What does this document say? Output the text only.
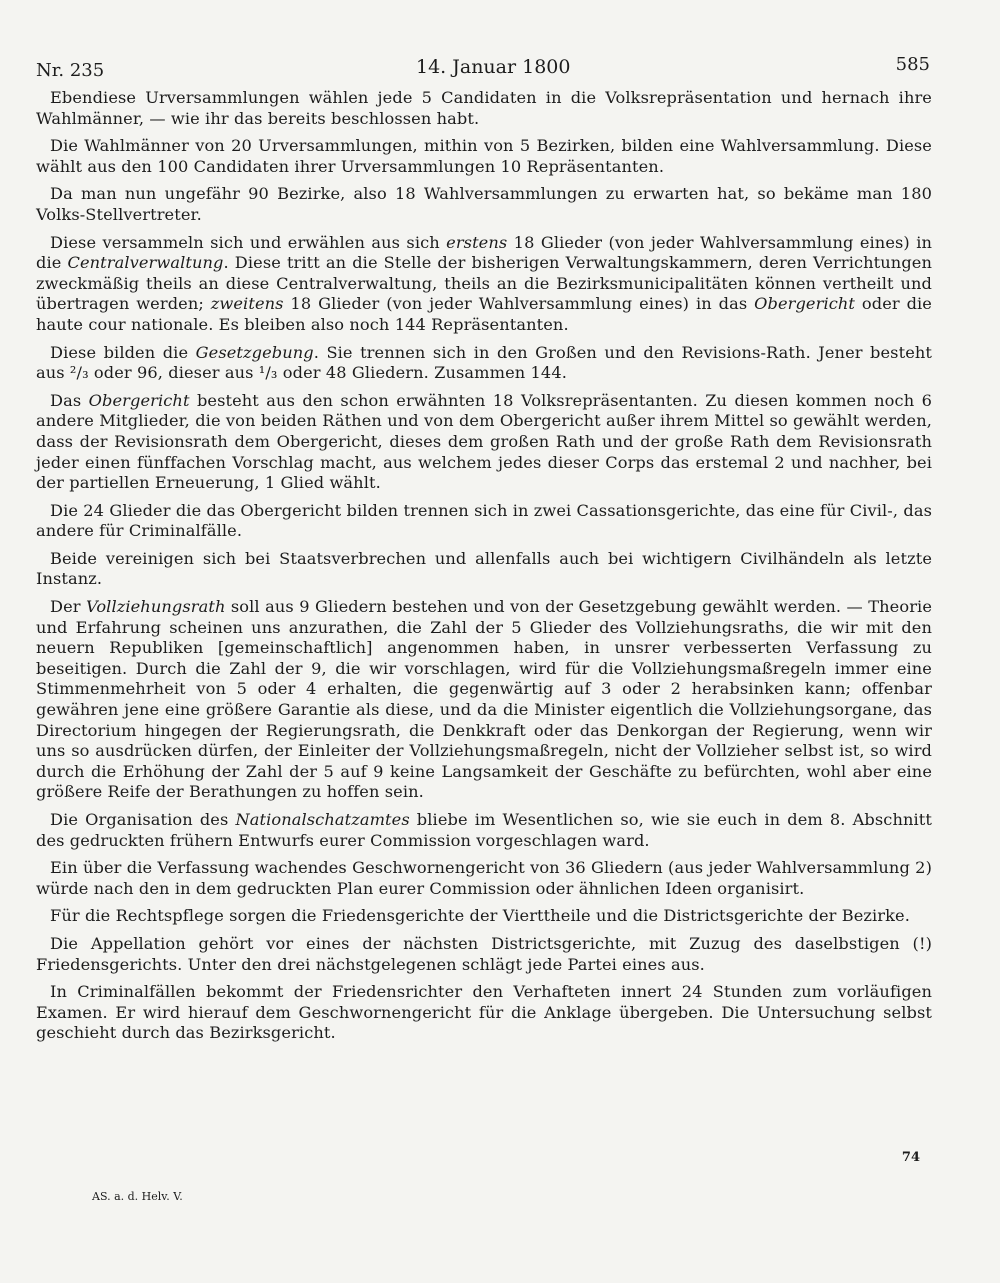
Nr. 235	14. Januar 1800	585

Ebendiese Urversammlungen wählen jede 5 Candidaten in die Volksrepräsentation und hernach ihre Wahlmänner, — wie ihr das bereits beschlossen habt.

Die Wahlmänner von 20 Urversammlungen, mithin von 5 Bezirken, bilden eine Wahlversammlung. Diese wählt aus den 100 Candidaten ihrer Urversammlungen 10 Repräsentanten.

Da man nun ungefähr 90 Bezirke, also 18 Wahlversammlungen zu erwarten hat, so bekäme man 180 Volks-Stellvertreter.

Diese versammeln sich und erwählen aus sich erstens 18 Glieder (von jeder Wahlversammlung eines) in die Centralverwaltung. Diese tritt an die Stelle der bisherigen Verwaltungskammern, deren Verrichtungen zweckmäßig theils an diese Centralverwaltung, theils an die Bezirksmunicipalitäten können vertheilt und übertragen werden; zweitens 18 Glieder (von jeder Wahlversammlung eines) in das Obergericht oder die haute cour nationale. Es bleiben also noch 144 Repräsentanten.

Diese bilden die Gesetzgebung. Sie trennen sich in den Großen und den Revisions-Rath. Jener besteht aus ²/₃ oder 96, dieser aus ¹/₃ oder 48 Gliedern. Zusammen 144.

Das Obergericht besteht aus den schon erwähnten 18 Volksrepräsentanten. Zu diesen kommen noch 6 andere Mitglieder, die von beiden Räthen und von dem Obergericht außer ihrem Mittel so gewählt werden, dass der Revisionsrath dem Obergericht, dieses dem großen Rath und der große Rath dem Revisionsrath jeder einen fünffachen Vorschlag macht, aus welchem jedes dieser Corps das erstemal 2 und nachher, bei der partiellen Erneuerung, 1 Glied wählt.

Die 24 Glieder die das Obergericht bilden trennen sich in zwei Cassationsgerichte, das eine für Civil-, das andere für Criminalfälle.

Beide vereinigen sich bei Staatsverbrechen und allenfalls auch bei wichtigern Civilhändeln als letzte Instanz.

Der Vollziehungsrath soll aus 9 Gliedern bestehen und von der Gesetzgebung gewählt werden. — Theorie und Erfahrung scheinen uns anzurathen, die Zahl der 5 Glieder des Vollziehungsraths, die wir mit den neuern Republiken [gemeinschaftlich] angenommen haben, in unsrer verbesserten Verfassung zu beseitigen. Durch die Zahl der 9, die wir vorschlagen, wird für die Vollziehungsmaßregeln immer eine Stimmenmehrheit von 5 oder 4 erhalten, die gegenwärtig auf 3 oder 2 herabsinken kann; offenbar gewähren jene eine größere Garantie als diese, und da die Minister eigentlich die Vollziehungsorgane, das Directorium hingegen der Regierungsrath, die Denkkraft oder das Denkorgan der Regierung, wenn wir uns so ausdrücken dürfen, der Einleiter der Vollziehungsmaßregeln, nicht der Vollzieher selbst ist, so wird durch die Erhöhung der Zahl der 5 auf 9 keine Langsamkeit der Geschäfte zu befürchten, wohl aber eine größere Reife der Berathungen zu hoffen sein.

Die Organisation des Nationalschatzamtes bliebe im Wesentlichen so, wie sie euch in dem 8. Abschnitt des gedruckten frühern Entwurfs eurer Commission vorgeschlagen ward.

Ein über die Verfassung wachendes Geschwornengericht von 36 Gliedern (aus jeder Wahlversammlung 2) würde nach den in dem gedruckten Plan eurer Commission oder ähnlichen Ideen organisirt.

Für die Rechtspflege sorgen die Friedensgerichte der Vierttheile und die Districtsgerichte der Bezirke.

Die Appellation gehört vor eines der nächsten Districtsgerichte, mit Zuzug des daselbstigen (!) Friedensgerichts. Unter den drei nächstgelegenen schlägt jede Partei eines aus.

In Criminalfällen bekommt der Friedensrichter den Verhafteten innert 24 Stunden zum vorläufigen Examen. Er wird hierauf dem Geschwornengericht für die Anklage übergeben. Die Untersuchung selbst geschieht durch das Bezirksgericht.

74
AS. a. d. Helv. V.
